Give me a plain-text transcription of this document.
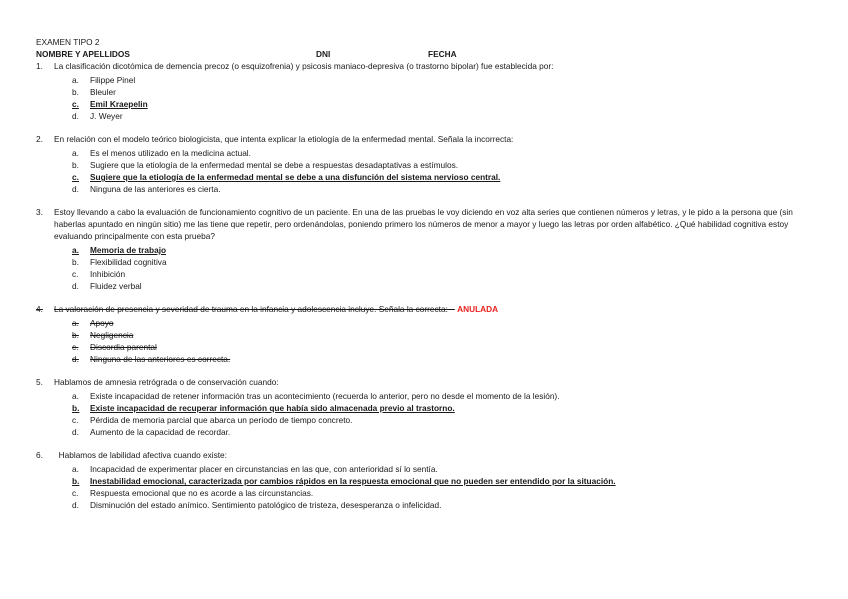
EXAMEN TIPO 2
NOMBRE Y APELLIDOS	DNI	FECHA
1.	La clasificación dicotómica de demencia precoz (o esquizofrenia) y psicosis maniaco-depresiva (o trastorno bipolar) fue establecida por:
a.	Filippe Pinel
b.	Bleuler
c.	Emil Kraepelin
d.	J. Weyer
2.	En relación con el modelo teórico biologicista, que intenta explicar la etiología de la enfermedad mental. Señala la incorrecta:
a.	Es el menos utilizado en la medicina actual.
b.	Sugiere que la etiología de la enfermedad mental se debe a respuestas desadaptativas a estímulos.
c.	Sugiere que la etiología de la enfermedad mental se debe a una disfunción del sistema nervioso central.
d.	Ninguna de las anteriores es cierta.
3.	Estoy llevando a cabo la evaluación de funcionamiento cognitivo de un paciente. En una de las pruebas le voy diciendo en voz alta series que contienen números y letras, y le pido a la persona que (sin haberlas apuntado en ningún sitio) me las tiene que repetir, pero ordenándolas, poniendo primero los números de menor a mayor y luego las letras por orden alfabético. ¿Qué habilidad cognitiva estoy evaluando principalmente con esta prueba?
a.	Memoria de trabajo
b.	Flexibilidad cognitiva
c.	Inhibición
d.	Fluidez verbal
4.	La valoración de presencia y severidad de trauma en la infancia y adolescencia incluye. Señala la correcta: ANULADA
a.	Apoyo
b.	Negligencia
c.	Discordia parental
d.	Ninguna de las anteriores es correcta.
5.	Hablamos de amnesia retrógrada o de conservación cuando:
a.	Existe incapacidad de retener información tras un acontecimiento (recuerda lo anterior, pero no desde el momento de la lesión).
b.	Existe incapacidad de recuperar información que había sido almacenada previo al trastorno.
c.	Pérdida de memoria parcial que abarca un período de tiempo concreto.
d.	Aumento de la capacidad de recordar.
6.	Hablamos de labilidad afectiva cuando existe:
a.	Incapacidad de experimentar placer en circunstancias en las que, con anterioridad sí lo sentía.
b.	Inestabilidad emocional, caracterizada por cambios rápidos en la respuesta emocional que no pueden ser entendido por la situación.
c.	Respuesta emocional que no es acorde a las circunstancias.
d.	Disminución del estado anímico. Sentimiento patológico de tristeza, desesperanza o infelicidad.
